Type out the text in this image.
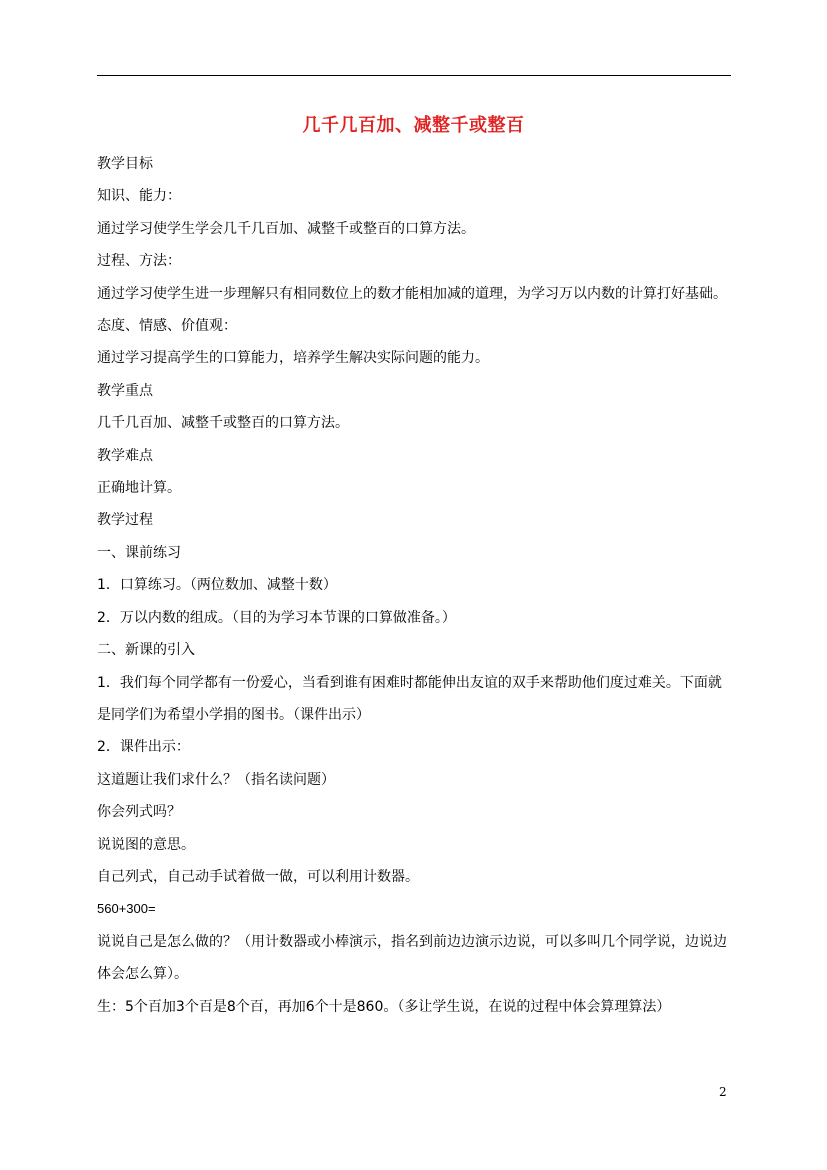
几千几百加、减整千或整百
教学目标
知识、能力：
通过学习使学生学会几千几百加、减整千或整百的口算方法。
过程、方法：
通过学习使学生进一步理解只有相同数位上的数才能相加减的道理，为学习万以内数的计算打好基础。
态度、情感、价值观：
通过学习提高学生的口算能力，培养学生解决实际问题的能力。
教学重点
几千几百加、减整千或整百的口算方法。
教学难点
正确地计算。
教学过程
一、课前练习
1．口算练习。（两位数加、减整十数）
2．万以内数的组成。（目的为学习本节课的口算做准备。）
二、新课的引入
1．我们每个同学都有一份爱心，当看到谁有困难时都能伸出友谊的双手来帮助他们度过难关。下面就是同学们为希望小学捐的图书。（课件出示）
2．课件出示：
这道题让我们求什么？（指名读问题）
你会列式吗？
说说图的意思。
自己列式，自己动手试着做一做，可以利用计数器。
560+300=
说说自己是怎么做的？（用计数器或小棒演示，指名到前边边演示边说，可以多叫几个同学说，边说边体会怎么算）。
生：5个百加3个百是8个百，再加6个十是860。（多让学生说，在说的过程中体会算理算法）
2
